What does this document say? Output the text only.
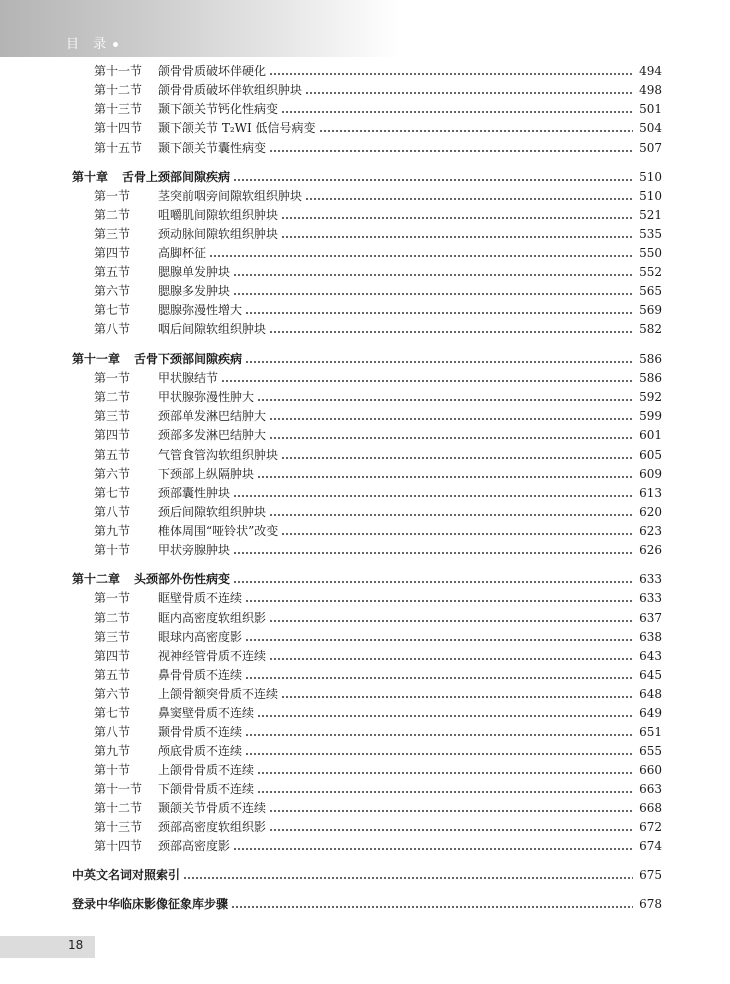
目 录
第十一节	颌骨骨质破坏伴硬化	494
第十二节	颌骨骨质破坏伴软组织肿块	498
第十三节	颞下颌关节钙化性病变	501
第十四节	颞下颌关节 T₂WI 低信号病变	504
第十五节	颞下颌关节囊性病变	507
第十章 舌骨上颈部间隙疾病	510
第一节	茎突前咽旁间隙软组织肿块	510
第二节	咀嚼肌间隙软组织肿块	521
第三节	颈动脉间隙软组织肿块	535
第四节	高脚杯征	550
第五节	腮腺单发肿块	552
第六节	腮腺多发肿块	565
第七节	腮腺弥漫性增大	569
第八节	咽后间隙软组织肿块	582
第十一章 舌骨下颈部间隙疾病	586
第一节	甲状腺结节	586
第二节	甲状腺弥漫性肿大	592
第三节	颈部单发淋巴结肿大	599
第四节	颈部多发淋巴结肿大	601
第五节	气管食管沟软组织肿块	605
第六节	下颈部上纵隔肿块	609
第七节	颈部囊性肿块	613
第八节	颈后间隙软组织肿块	620
第九节	椎体周围“哑铃状”改变	623
第十节	甲状旁腺肿块	626
第十二章 头颈部外伤性病变	633
第一节	眶壁骨质不连续	633
第二节	眶内高密度软组织影	637
第三节	眼球内高密度影	638
第四节	视神经管骨质不连续	643
第五节	鼻骨骨质不连续	645
第六节	上颌骨额突骨质不连续	648
第七节	鼻窦壁骨质不连续	649
第八节	颞骨骨质不连续	651
第九节	颅底骨质不连续	655
第十节	上颌骨骨质不连续	660
第十一节	下颌骨骨质不连续	663
第十二节	颞颌关节骨质不连续	668
第十三节	颈部高密度软组织影	672
第十四节	颈部高密度影	674
中英文名词对照索引	675
登录中华临床影像征象库步骤	678
18
